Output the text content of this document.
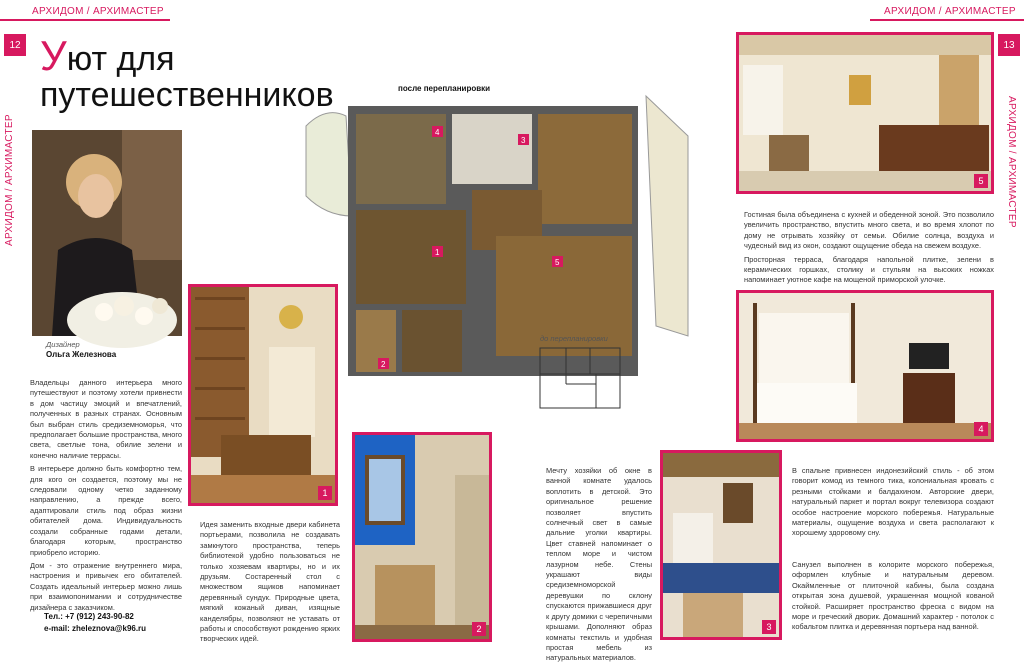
АРХИДОМ / АРХИМАСТЕР	АРХИДОМ / АРХИМАСТЕР
12	13
АРХИДОМ / АРХИМАСТЕР	АРХИДОМ / АРХИМАСТЕР
Уют для
путешественников
Дизайнер
Ольга Железнова

Владельцы данного интерьера много путешествуют и поэтому хотели привнести в дом частицу эмоций и впечатлений, полученных в разных странах. Основным был выбран стиль средиземноморья, что предполагает большие пространства, много света, светлые тона, обилие зелени и конечно наличие террасы.

В интерьере должно быть комфортно тем, для кого он создается, поэтому мы не следовали одному четко заданному направлению, а прежде всего, адаптировали стиль под образ жизни обитателей дома. Индивидуальность создали собранные годами детали, благодаря которым, пространство приобрело историю.

Дом - это отражение внутреннего мира, настроения и привычек его обитателей. Создать идеальный интерьер можно лишь при взаимопонимании и сотрудничестве дизайнера с заказчиком.

Тел.: +7 (912) 243-90-82
e-mail: zheleznova@k96.ru
1
после перепланировки
4
3
1
5
2
до перепланировки

Идея заменить входные двери кабинета портьерами, позволила не создавать замкнутого пространства, теперь библиотекой удобно пользоваться не только хозяевам квартиры, но и их друзьям. Состаренный стол с множеством ящиков напоминает деревянный сундук. Природные цвета, мягкий кожаный диван, изящные канделябры, позволяют не уставать от работы и способствуют рождению ярких творческих идей.

2

Мечту хозяйки об окне в ванной комнате удалось воплотить в детской. Это оригинальное решение позволяет впустить солнечный свет в самые дальние уголки квартиры. Цвет ставней напоминает о теплом море и чистом лазурном небе. Стены украшают виды средиземноморской деревушки по склону спускаются прижавшиеся друг к другу домики с черепичными крышами. Дополняют образ комнаты текстиль и удобная простая мебель из натуральных материалов.

3
5

Гостиная была объединена с кухней и обеденной зоной. Это позволило увеличить пространство, впустить много света, и во время хлопот по дому не отрывать хозяйку от семьи. Обилие солнца, воздуха и чудесный вид из окон, создают ощущение обеда на свежем воздухе.

Просторная терраса, благодаря напольной плитке, зелени в керамических горшках, столику и стульям на высоких ножках напоминает уютное кафе на мощеной приморской улочке.

4

В спальне привнесен индонезийский стиль - об этом говорит комод из темного тика, колониальная кровать с резными стойками и балдахином. Авторские двери, натуральный паркет и портал вокруг телевизора создают особое настроение морского побережья. Натуральные материалы, ощущение воздуха и света располагают к хорошему здоровому сну.

Санузел выполнен в колорите морского побережья, оформлен клубные и натуральным деревом. Окаймленные от плиточной кабины, была создана открытая зона душевой, украшенная мощной кованой стойкой. Расширяет пространство фреска с видом на море и греческий дворик. Домашний характер - потолок с кобальтом плитка и деревянная портьера над ванной.
